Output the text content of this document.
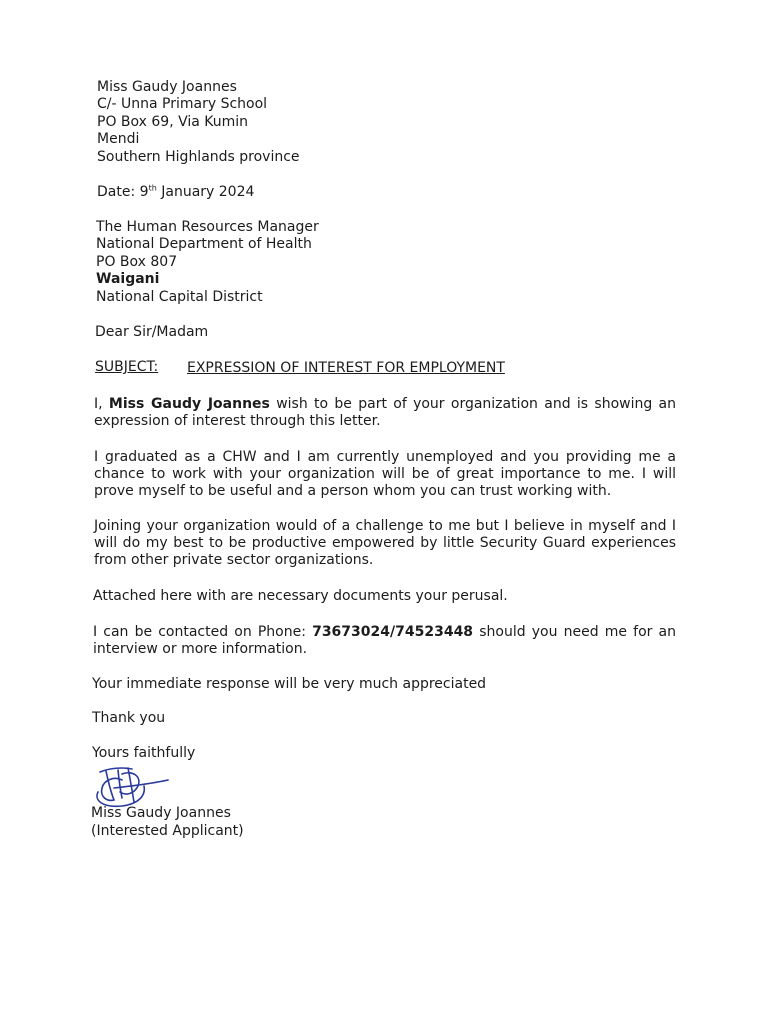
Miss Gaudy Joannes
C/- Unna Primary School
PO Box 69, Via Kumin
Mendi
Southern Highlands province
Date: 9th January 2024
The Human Resources Manager
National Department of Health
PO Box 807
Waigani
National Capital District
Dear Sir/Madam
SUBJECT: EXPRESSION OF INTEREST FOR EMPLOYMENT
I, Miss Gaudy Joannes wish to be part of your organization and is showing an expression of interest through this letter.
I graduated as a CHW and I am currently unemployed and you providing me a chance to work with your organization will be of great importance to me. I will prove myself to be useful and a person whom you can trust working with.
Joining your organization would of a challenge to me but I believe in myself and I will do my best to be productive empowered by little Security Guard experiences from other private sector organizations.
Attached here with are necessary documents your perusal.
I can be contacted on Phone: 73673024/74523448 should you need me for an interview or more information.
Your immediate response will be very much appreciated
Thank you
Yours faithfully
Miss Gaudy Joannes
(Interested Applicant)
